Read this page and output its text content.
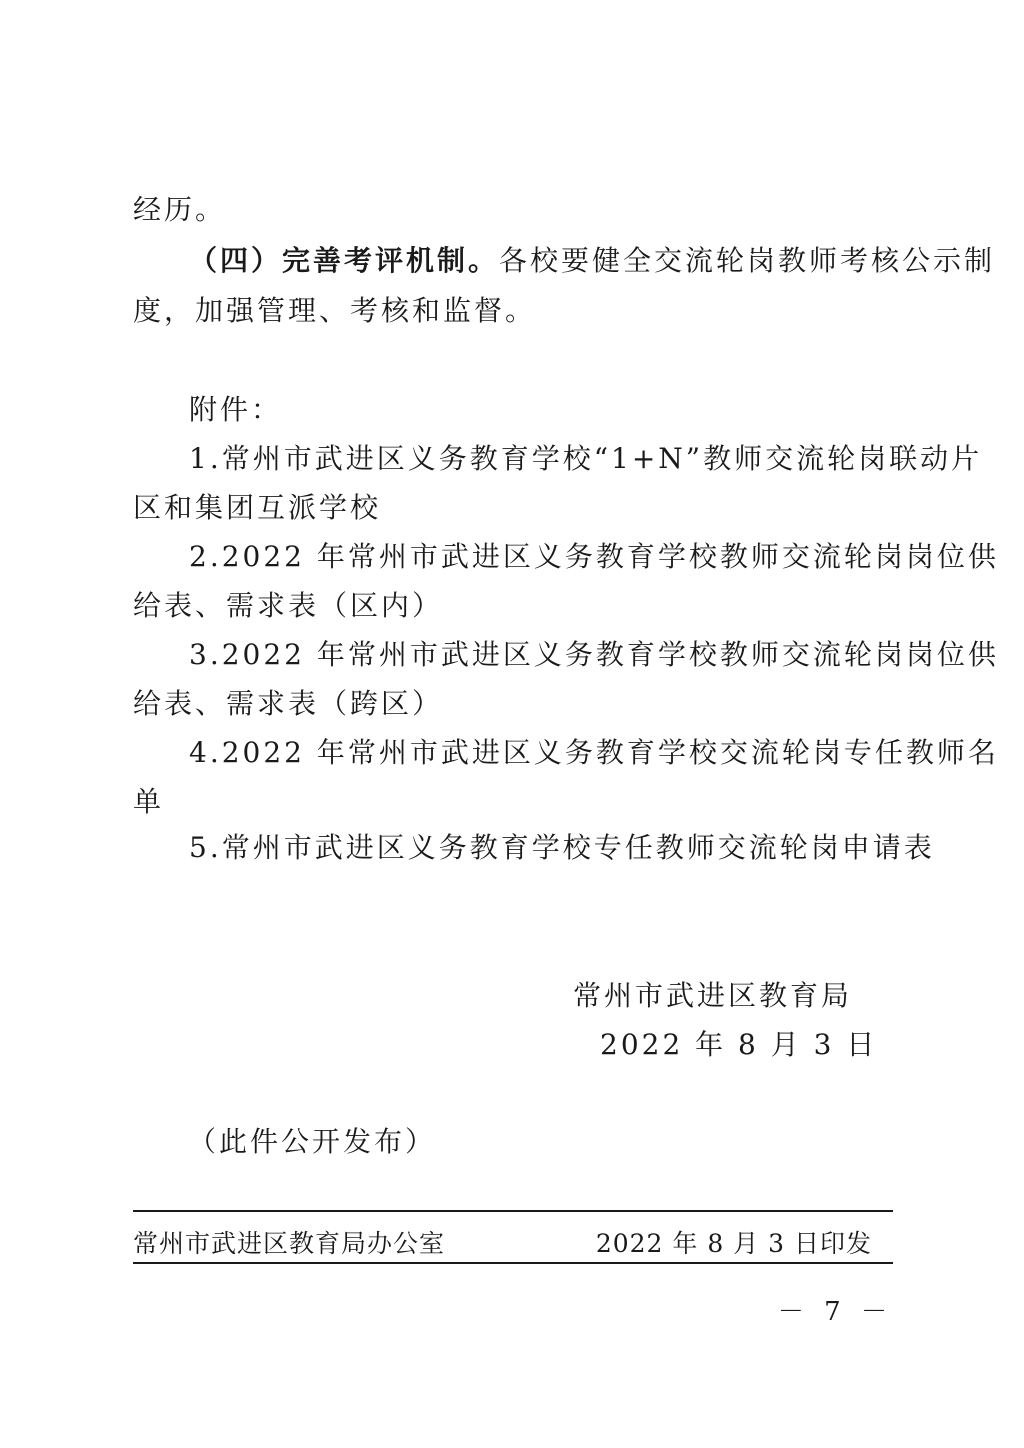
经历。
（四）完善考评机制。各校要健全交流轮岗教师考核公示制
度，加强管理、考核和监督。
附件：
1.常州市武进区义务教育学校“1+N”教师交流轮岗联动片
区和集团互派学校
2.2022 年常州市武进区义务教育学校教师交流轮岗岗位供
给表、需求表（区内）
3.2022 年常州市武进区义务教育学校教师交流轮岗岗位供
给表、需求表（跨区）
4.2022 年常州市武进区义务教育学校交流轮岗专任教师名
单
5.常州市武进区义务教育学校专任教师交流轮岗申请表
常州市武进区教育局
2022 年 8 月 3 日
（此件公开发布）
常州市武进区教育局办公室	2022 年 8 月 3 日印发
－ 7 －
